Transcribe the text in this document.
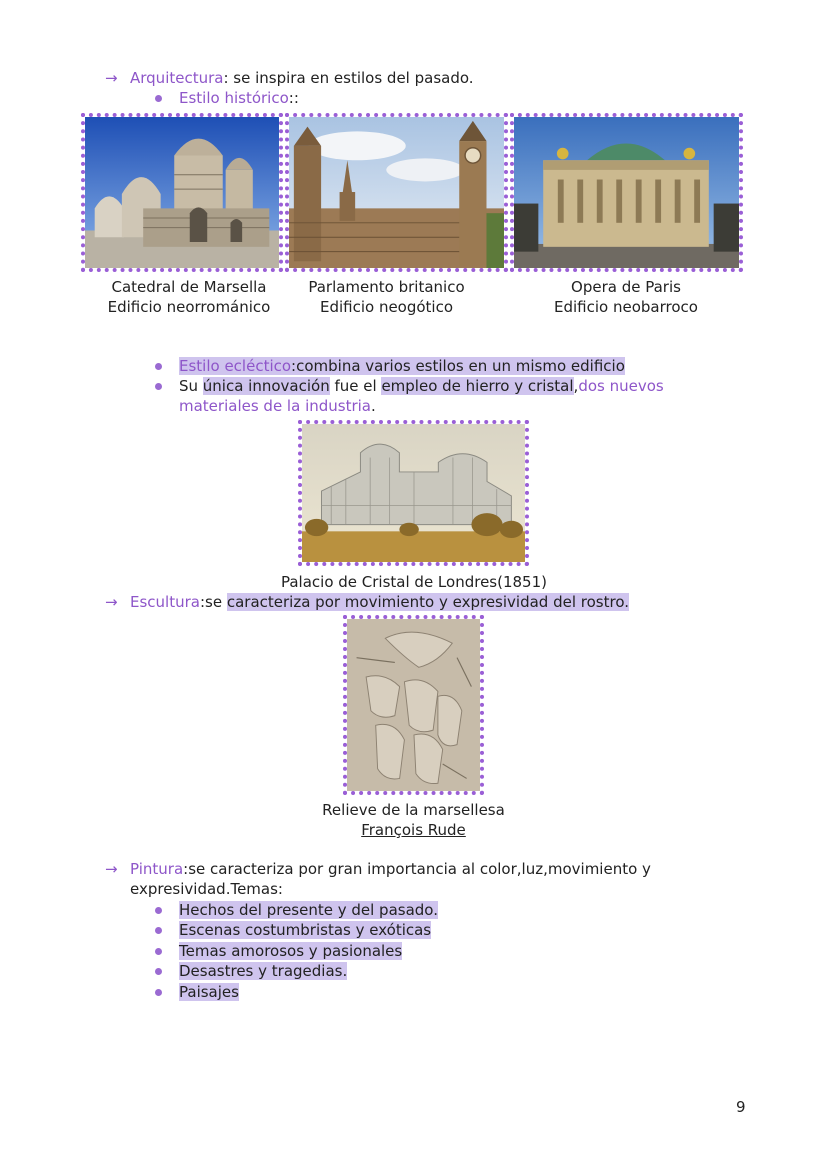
→ Arquitectura: se inspira en estilos del pasado.
Estilo histórico::
Catedral de Marsella
Edificio neorrománico
Parlamento britanico
Edificio neogótico
Opera de Paris
Edificio neobarroco
Estilo ecléctico:combina varios estilos en un mismo edificio
Su única innovación fue el empleo de hierro y cristal,dos nuevos
materiales de la industria.
Palacio de Cristal de Londres(1851)
→ Escultura:se caracteriza por movimiento y expresividad del rostro.
Relieve de la marsellesa
François Rude
→ Pintura:se caracteriza por gran importancia al color,luz,movimiento y
expresividad.Temas:
Hechos del presente y del pasado.
Escenas costumbristas y exóticas
Temas amorosos y pasionales
Desastres y tragedias.
Paisajes
9
